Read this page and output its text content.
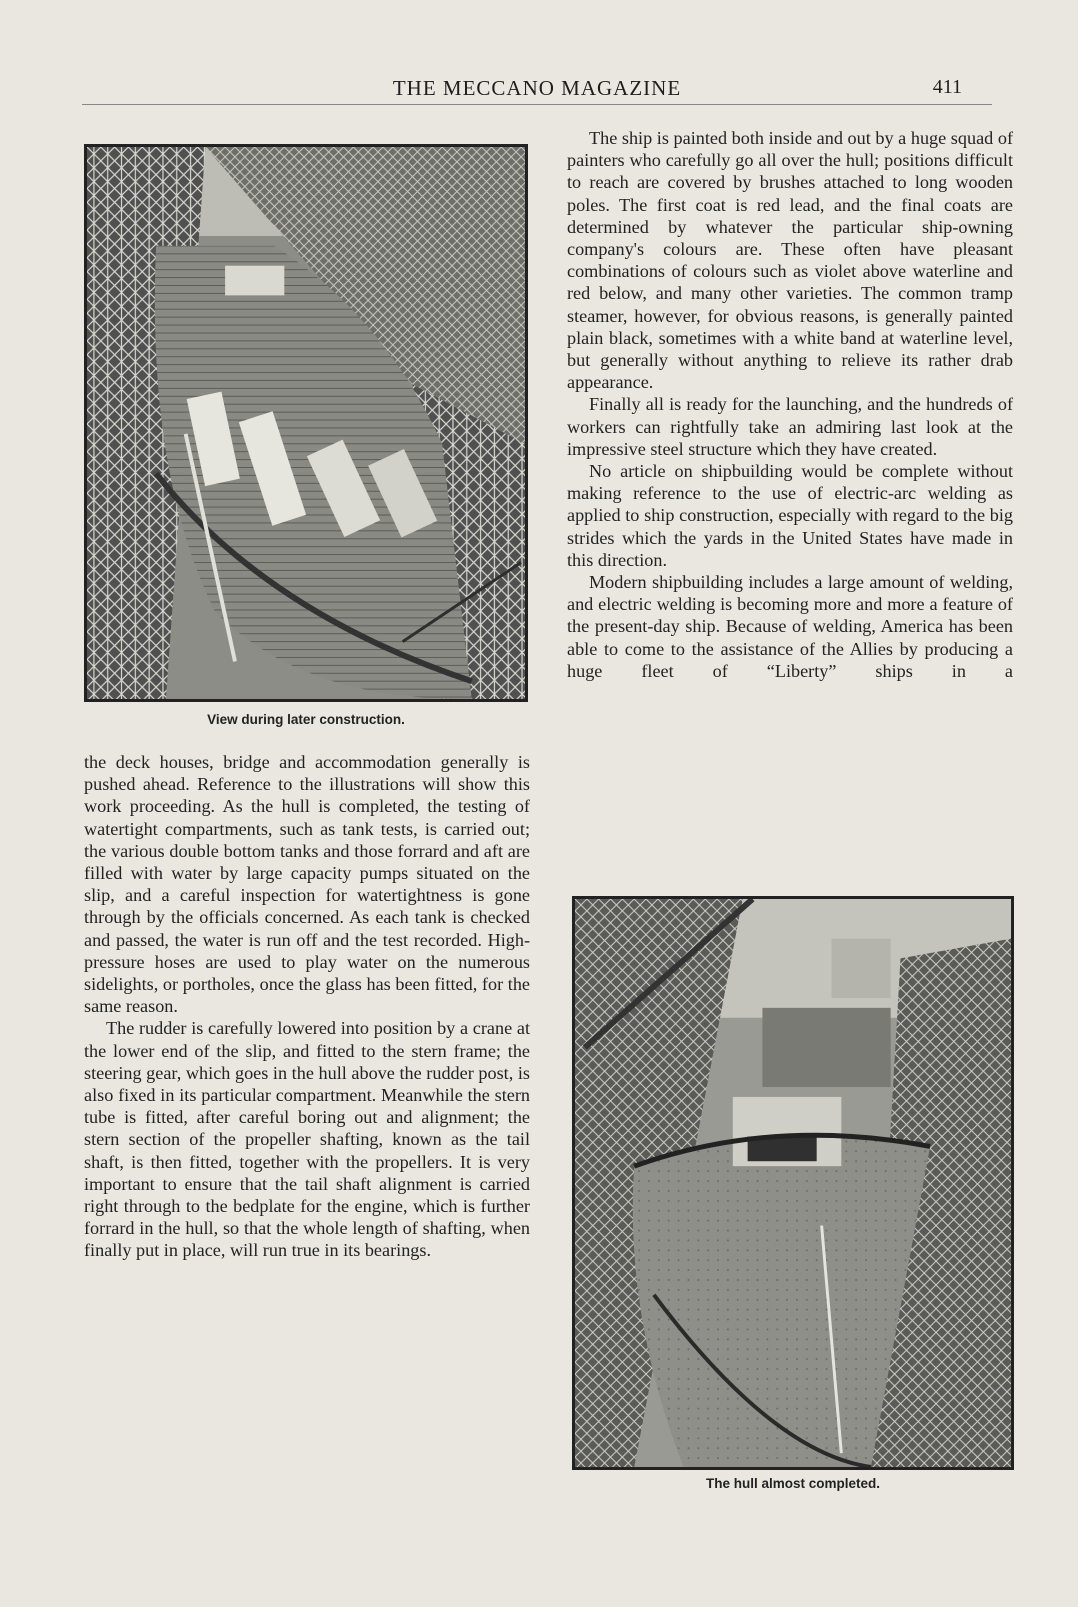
THE MECCANO MAGAZINE	411
View during later construction.

the deck houses, bridge and accommodation generally is pushed ahead. Reference to the illustrations will show this work proceeding. As the hull is completed, the testing of watertight compartments, such as tank tests, is carried out; the various double bottom tanks and those forrard and aft are filled with water by large capacity pumps situated on the slip, and a careful inspection for watertightness is gone through by the officials concerned. As each tank is checked and passed, the water is run off and the test recorded. High-pressure hoses are used to play water on the numerous sidelights, or portholes, once the glass has been fitted, for the same reason.

The rudder is carefully lowered into position by a crane at the lower end of the slip, and fitted to the stern frame; the steering gear, which goes in the hull above the rudder post, is also fixed in its particular compartment. Meanwhile the stern tube is fitted, after careful boring out and alignment; the stern section of the propeller shafting, known as the tail shaft, is then fitted, together with the propellers. It is very important to ensure that the tail shaft alignment is carried right through to the bedplate for the engine, which is further forrard in the hull, so that the whole length of shafting, when finally put in place, will run true in its bearings.

The ship is painted both inside and out by a huge squad of painters who carefully go all over the hull; positions difficult to reach are covered by brushes attached to long wooden poles. The first coat is red lead, and the final coats are determined by whatever the particular ship-owning company's colours are. These often have pleasant combinations of colours such as violet above waterline and red below, and many other varieties. The common tramp steamer, however, for obvious reasons, is generally painted plain black, sometimes with a white band at waterline level, but generally without anything to relieve its rather drab appearance.

Finally all is ready for the launching, and the hundreds of workers can rightfully take an admiring last look at the impressive steel structure which they have created.

No article on shipbuilding would be complete without making reference to the use of electric-arc welding as applied to ship construction, especially with regard to the big strides which the yards in the United States have made in this direction.

Modern shipbuilding includes a large amount of welding, and electric welding is becoming more and more a feature of the present-day ship. Because of welding, America has been able to come to the assistance of the Allies by producing a huge fleet of “Liberty” ships in a

The hull almost completed.
